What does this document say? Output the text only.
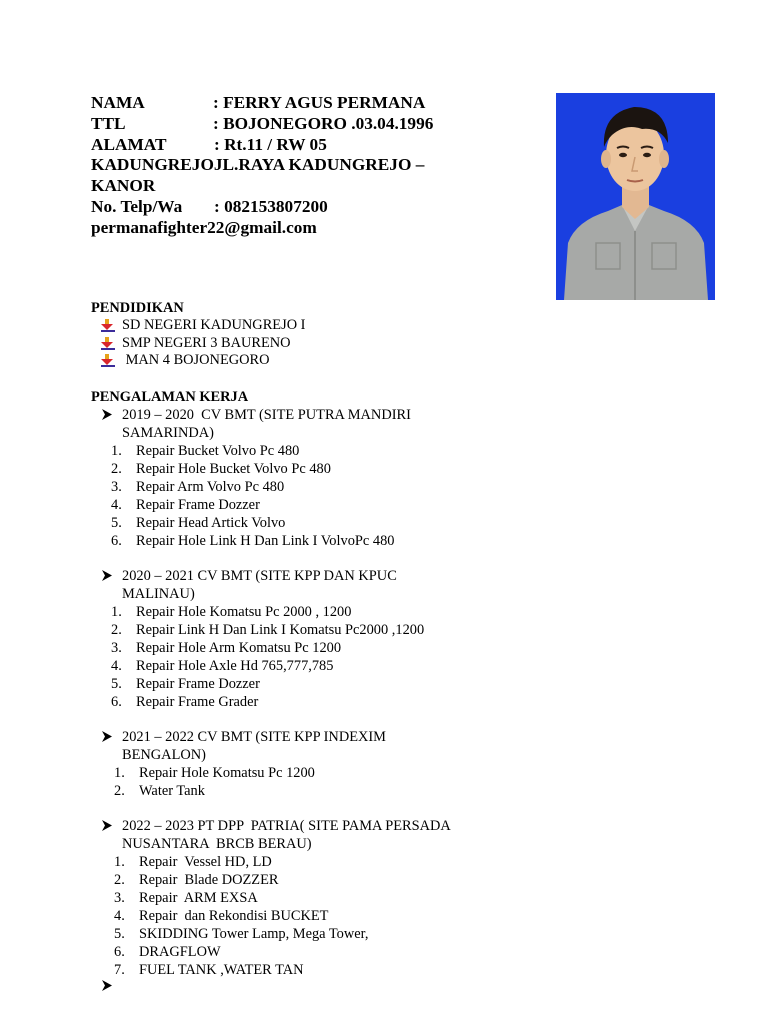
NAMA	: FERRY AGUS PERMANA
TTL	: BOJONEGORO .03.04.1996
ALAMAT	: Rt.11 / RW 05
KADUNGREJOJL.RAYA KADUNGREJO –
KANOR
No. Telp/Wa	: 082153807200
permanafighter22@gmail.com
PENDIDIKAN
SD NEGERI KADUNGREJO I
SMP NEGERI 3 BAURENO
MAN 4 BOJONEGORO
PENGALAMAN KERJA
2019 – 2020  CV BMT (SITE PUTRA MANDIRI
SAMARINDA)
1. Repair Bucket Volvo Pc 480
2. Repair Hole Bucket Volvo Pc 480
3. Repair Arm Volvo Pc 480
4. Repair Frame Dozzer
5. Repair Head Artick Volvo
6. Repair Hole Link H Dan Link I VolvoPc 480
2020 – 2021 CV BMT (SITE KPP DAN KPUC
MALINAU)
1. Repair Hole Komatsu Pc 2000 , 1200
2. Repair Link H Dan Link I Komatsu Pc2000 ,1200
3. Repair Hole Arm Komatsu Pc 1200
4. Repair Hole Axle Hd 765,777,785
5. Repair Frame Dozzer
6. Repair Frame Grader
2021 – 2022 CV BMT (SITE KPP INDEXIM
BENGALON)
1. Repair Hole Komatsu Pc 1200
2. Water Tank
2022 – 2023 PT DPP  PATRIA( SITE PAMA PERSADA
NUSANTARA  BRCB BERAU)
1. Repair  Vessel HD, LD
2. Repair  Blade DOZZER
3. Repair  ARM EXSA
4. Repair  dan Rekondisi BUCKET
5. SKIDDING Tower Lamp, Mega Tower,
6. DRAGFLOW
7. FUEL TANK ,WATER TAN
